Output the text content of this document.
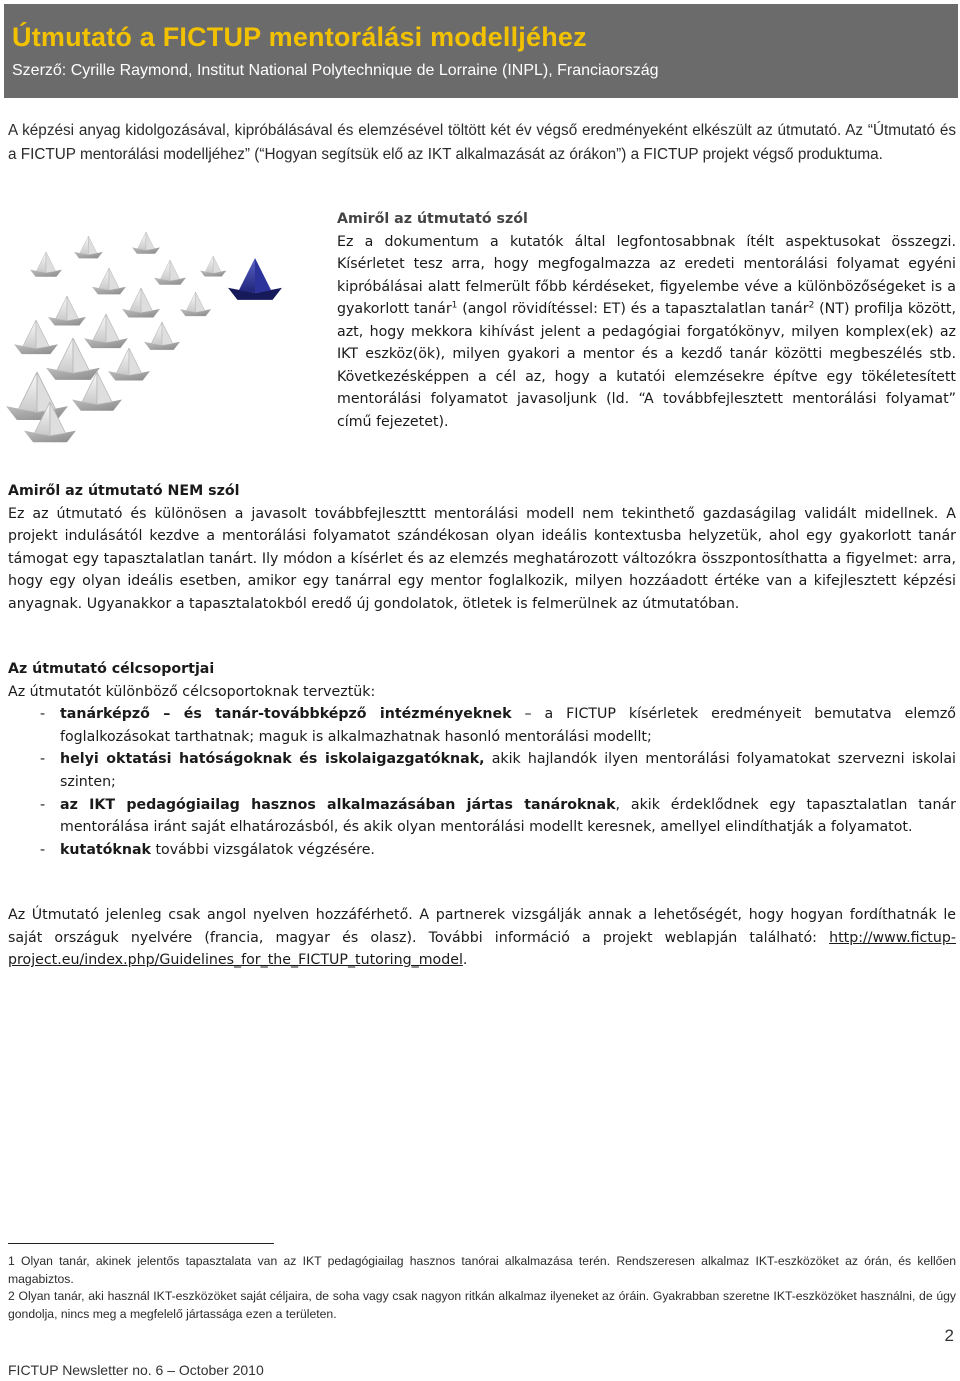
Útmutató a FICTUP mentorálási modelljéhez
Szerző: Cyrille Raymond, Institut National Polytechnique de Lorraine (INPL), Franciaország
A képzési anyag kidolgozásával, kipróbálásával és elemzésével töltött két év végső eredményeként elkészült az útmutató. Az “Útmutató és a FICTUP mentorálási modelljéhez” (“Hogyan segítsük elő az IKT alkalmazását az órákon”) a FICTUP projekt végső produktuma.
Amiről az útmutató szól
Ez a dokumentum a kutatók által legfontosabbnak ítélt aspektusokat összegzi. Kísérletet tesz arra, hogy megfogalmazza az eredeti mentorálási folyamat egyéni kipróbálásai alatt felmerült főbb kérdéseket, figyelembe véve a különbözőségeket is a gyakorlott tanár$^1$ (angol rövidítéssel: ET) és a tapasztalatlan tanár$^2$ (NT) profilja között, azt, hogy mekkora kihívást jelent a pedagógiai forgatókönyv, milyen komplex(ek) az IKT eszköz(ök), milyen gyakori a mentor és a kezdő tanár közötti megbeszélés stb. Következésképpen a cél az, hogy a kutatói elemzésekre építve egy tökéletesített mentorálási folyamatot javasoljunk (ld. “A továbbfejlesztett mentorálási folyamat” című fejezetet).
Amiről az útmutató NEM szól
Ez az útmutató és különösen a javasolt továbbfejleszttt mentorálási modell nem tekinthető gazdaságilag validált midellnek. A projekt indulásától kezdve a mentorálási folyamatot szándékosan olyan ideális kontextusba helyzetük, ahol egy gyakorlott tanár támogat egy tapasztalatlan tanárt. Ily módon a kísérlet és az elemzés meghatározott változókra összpontosíthatta a figyelmet: arra, hogy egy olyan ideális esetben, amikor egy tanárral egy mentor foglalkozik, milyen hozzáadott értéke van a kifejlesztett képzési anyagnak. Ugyanakkor a tapasztalatokból eredő új gondolatok, ötletek is felmerülnek az útmutatóban.
Az útmutató célcsoportjai
Az útmutatót különböző célcsoportoknak terveztük:
- tanárképző – és tanár-továbbképző intézményeknek – a FICTUP kísérletek eredményeit bemutatva elemző foglalkozásokat tarthatnak; maguk is alkalmazhatnak hasonló mentorálási modellt;
- helyi oktatási hatóságoknak és iskolaigazgatóknak, akik hajlandók ilyen mentorálási folyamatokat szervezni iskolai szinten;
- az IKT pedagógiailag hasznos alkalmazásában jártas tanároknak, akik érdeklődnek egy tapasztalatlan tanár mentorálása iránt saját elhatározásból, és akik olyan mentorálási modellt keresnek, amellyel elindíthatják a folyamatot.
- kutatóknak további vizsgálatok végzésére.
Az Útmutató jelenleg csak angol nyelven hozzáférhető. A partnerek vizsgálják annak a lehetőségét, hogy hogyan fordíthatnák le saját országuk nyelvére (francia, magyar és olasz). További információ a projekt weblapján található: http://www.fictup-project.eu/index.php/Guidelines_for_the_FICTUP_tutoring_model.

1 Olyan tanár, akinek jelentős tapasztalata van az IKT pedagógiailag hasznos tanórai alkalmazása terén. Rendszeresen alkalmaz IKT-eszközöket az órán, és kellően magabiztos.

2 Olyan tanár, aki használ IKT-eszközöket saját céljaira, de soha vagy csak nagyon ritkán alkalmaz ilyeneket az óráin. Gyakrabban szeretne IKT-eszközöket használni, de úgy gondolja, nincs meg a megfelelő jártassága ezen a területen.

2
FICTUP Newsletter no. 6 – October 2010
